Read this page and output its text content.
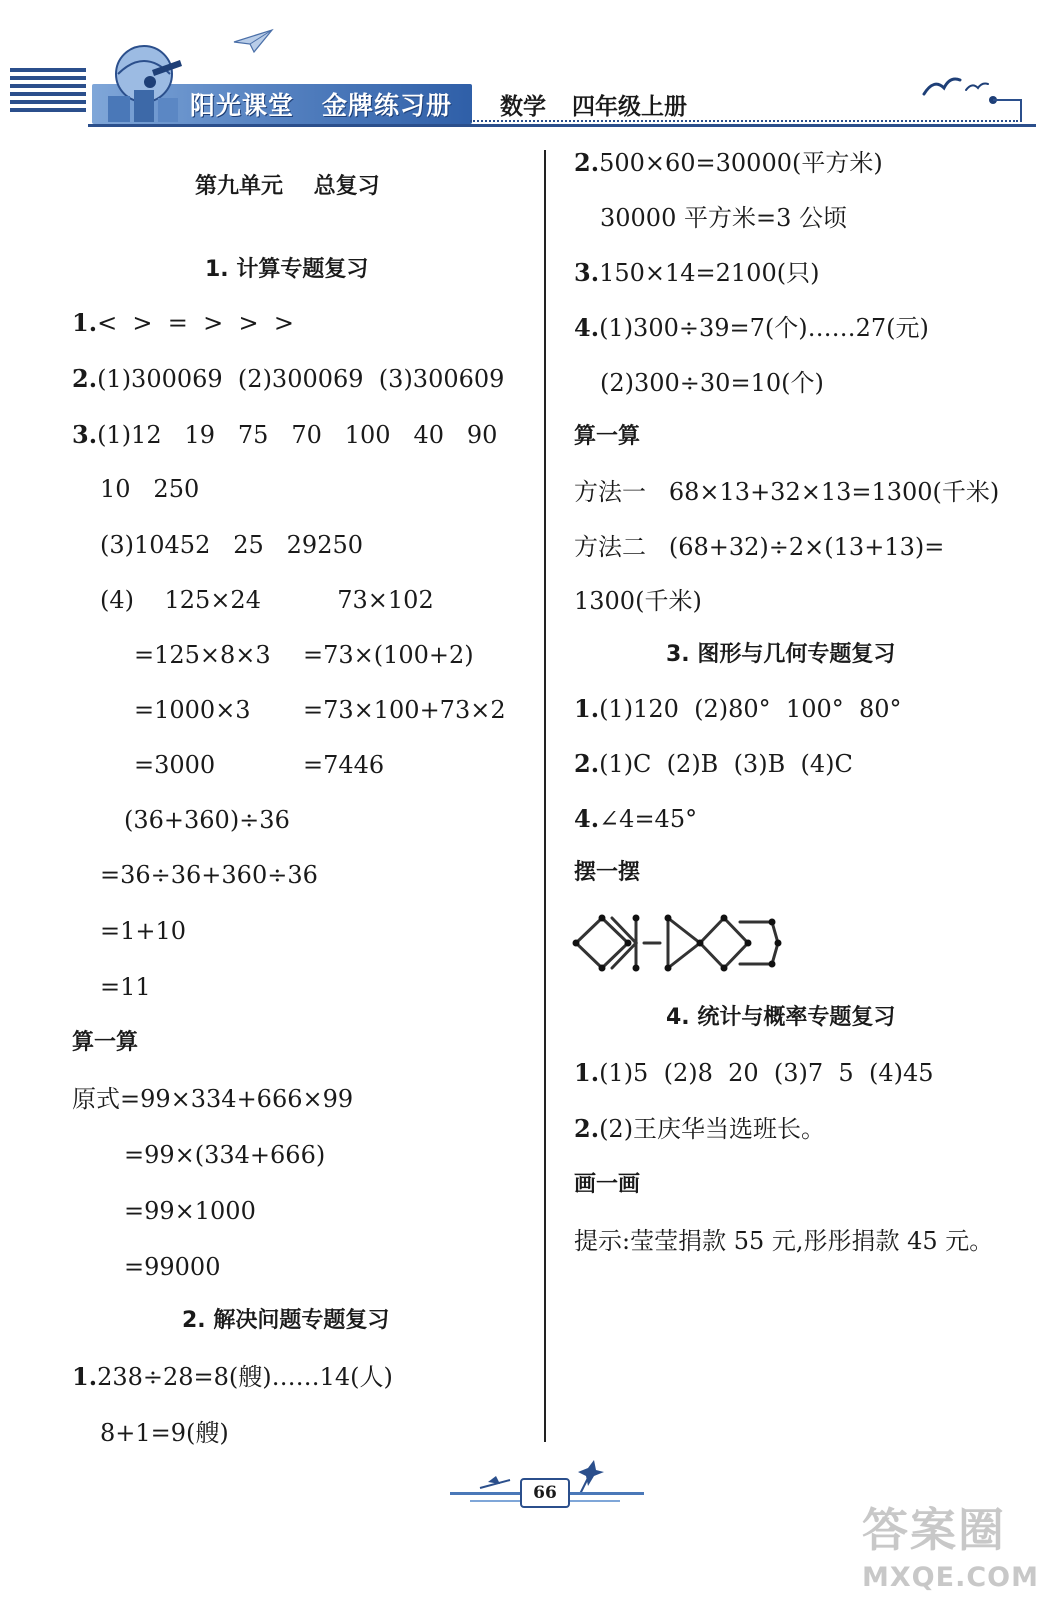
阳光课堂 金牌练习册 数学 四年级上册
第九单元    总复习
1. 计算专题复习
1.<  >  =  >  >  >
2.(1)300069  (2)300069  (3)300609
3.(1)12   19   75   70   100   40   90
10   250
(3)10452   25   29250
(4)    125×24          73×102
=125×8×3 =73×(100+2)
=1000×3 =73×100+73×2
=3000	=7446
(36+360)÷36
=36÷36+360÷36
=1+10
=11
算一算
原式=99×334+666×99
=99×(334+666)
=99×1000
=99000
2. 解决问题专题复习
1.238÷28=8(艘)……14(人)
8+1=9(艘)
2.500×60=30000(平方米)
30000 平方米=3 公顷
3.150×14=2100(只)
4.(1)300÷39=7(个)……27(元)
(2)300÷30=10(个)
算一算
方法一   68×13+32×13=1300(千米)
方法二   (68+32)÷2×(13+13)=
1300(千米)
3. 图形与几何专题复习
1.(1)120  (2)80°  100°  80°
2.(1)C  (2)B  (3)B  (4)C
4.∠4=45°
摆一摆
4. 统计与概率专题复习
1.(1)5  (2)8  20  (3)7  5  (4)45
2.(2)王庆华当选班长。
画一画
提示:莹莹捐款 55 元,彤彤捐款 45 元。
66
答案圈
MXQE.COM
